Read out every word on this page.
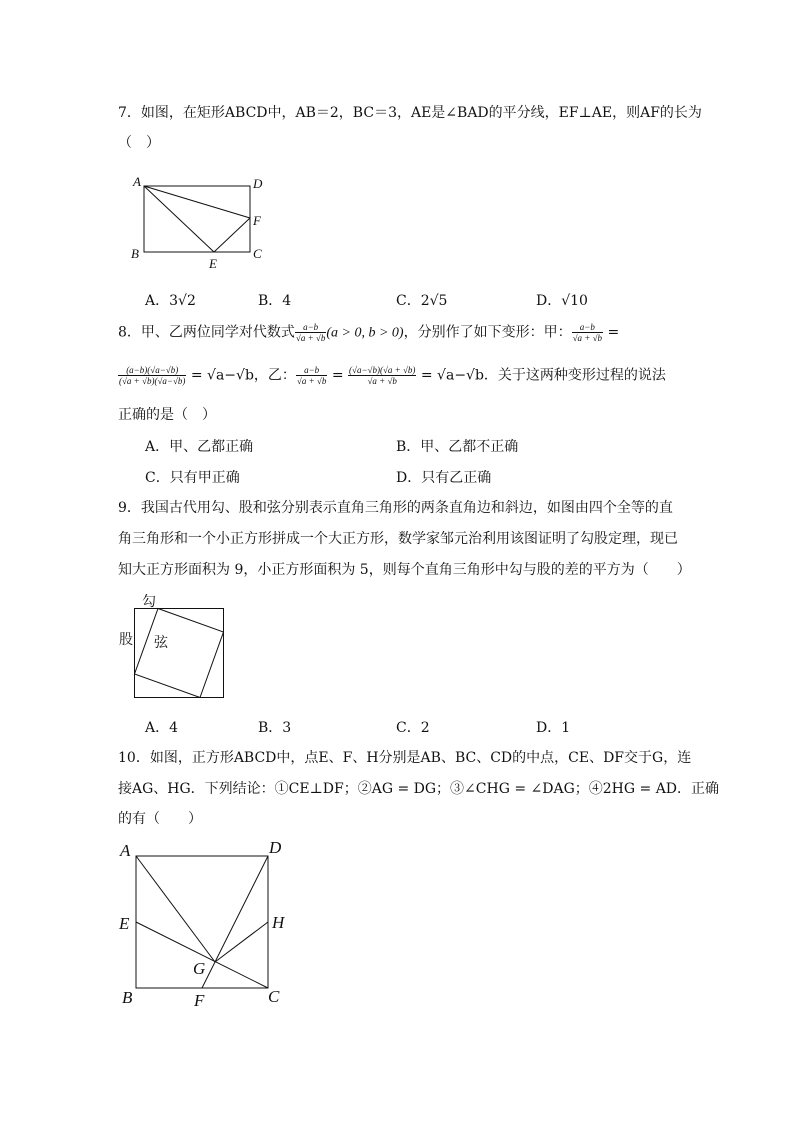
7．如图，在矩形ABCD中，AB＝2，BC＝3，AE是∠BAD的平分线，EF⊥AE，则AF的长为
（　）
A	D
F
B
E
C
A．3√2	B．4	C．2√5	D．√10
8．甲、乙两位同学对代数式 $\frac{a-b}{√a + √b} (a > 0$, b > 0)，分别作了如下变形：甲： $\frac{a-b}{√a + √b}$ =
$\frac{(a-b)(√a-√b)}{(√a + √b)(√a-√b)} = √a-√b$，乙： $\frac{a-b}{√a + √b} = \frac{(√a-√b)(√a + √b)}{√a + √b} = √a-√b$．关于这两种变形过程的说法
正确的是（　）
A．甲、乙都正确	B．甲、乙都不正确
C．只有甲正确	D．只有乙正确
9．我国古代用勾、股和弦分别表示直角三角形的两条直角边和斜边，如图由四个全等的直
角三角形和一个小正方形拼成一个大正方形，数学家邹元治利用该图证明了勾股定理，现已
知大正方形面积为 9，小正方形面积为 5，则每个直角三角形中勾与股的差的平方为（　　）
勾
股 弦
A．4	B．3	C．2	D．1
10．如图，正方形ABCD中，点E、F、H分别是AB、BC、CD的中点，CE、DF交于G，连
接AG、HG．下列结论：①CE⊥DF；②AG = DG；③∠CHG = ∠DAG；④2HG = AD．正确
的有（　　）
A	D
E	H
G
B	F	C
